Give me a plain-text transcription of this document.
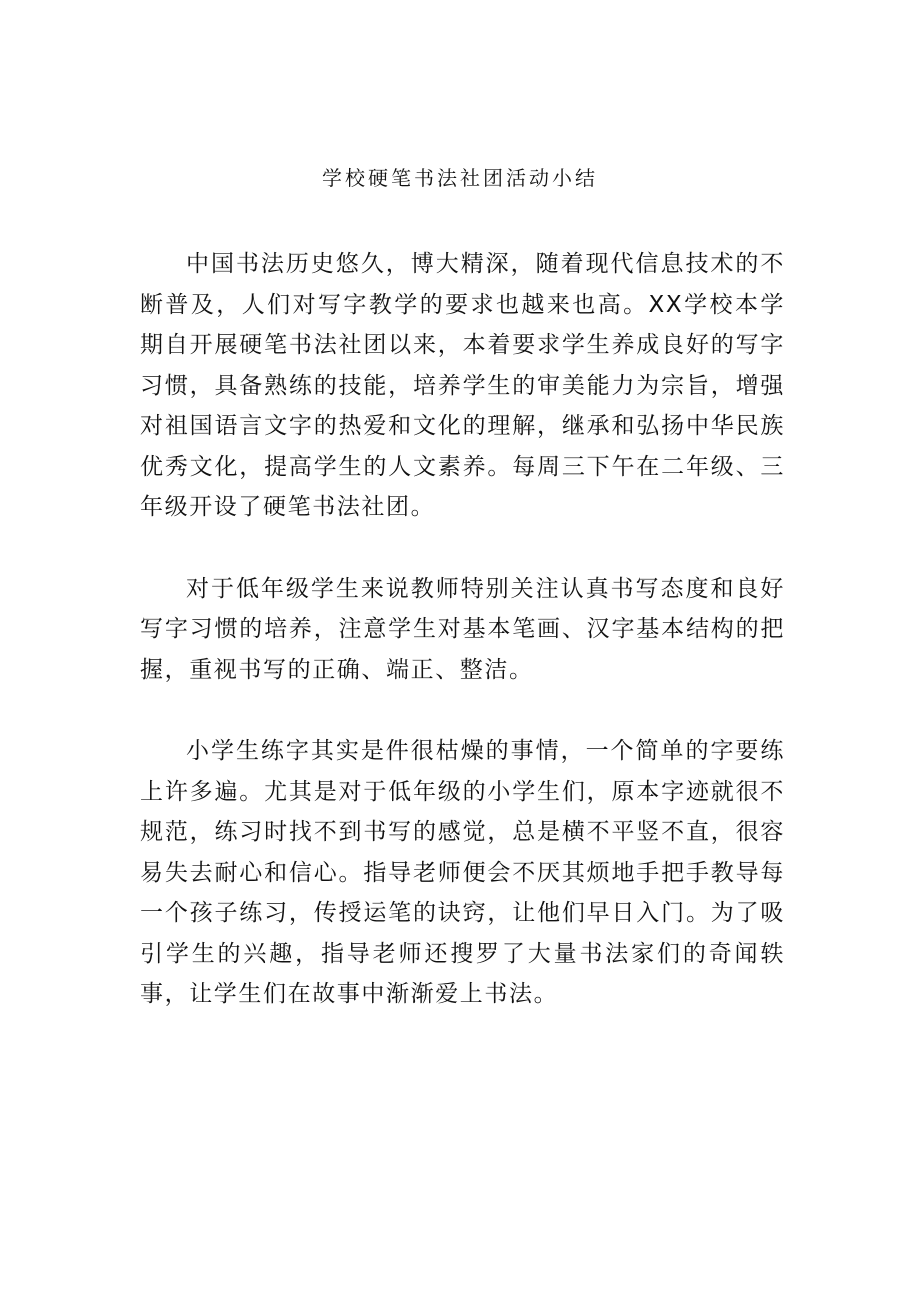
学校硬笔书法社团活动小结

中国书法历史悠久，博大精深，随着现代信息技术的不断普及，人们对写字教学的要求也越来也高。XX学校本学期自开展硬笔书法社团以来，本着要求学生养成良好的写字习惯，具备熟练的技能，培养学生的审美能力为宗旨，增强对祖国语言文字的热爱和文化的理解，继承和弘扬中华民族优秀文化，提高学生的人文素养。每周三下午在二年级、三年级开设了硬笔书法社团。

对于低年级学生来说教师特别关注认真书写态度和良好写字习惯的培养，注意学生对基本笔画、汉字基本结构的把握，重视书写的正确、端正、整洁。

小学生练字其实是件很枯燥的事情，一个简单的字要练上许多遍。尤其是对于低年级的小学生们，原本字迹就很不规范，练习时找不到书写的感觉，总是横不平竖不直，很容易失去耐心和信心。指导老师便会不厌其烦地手把手教导每一个孩子练习，传授运笔的诀窍，让他们早日入门。为了吸引学生的兴趣，指导老师还搜罗了大量书法家们的奇闻轶事，让学生们在故事中渐渐爱上书法。
